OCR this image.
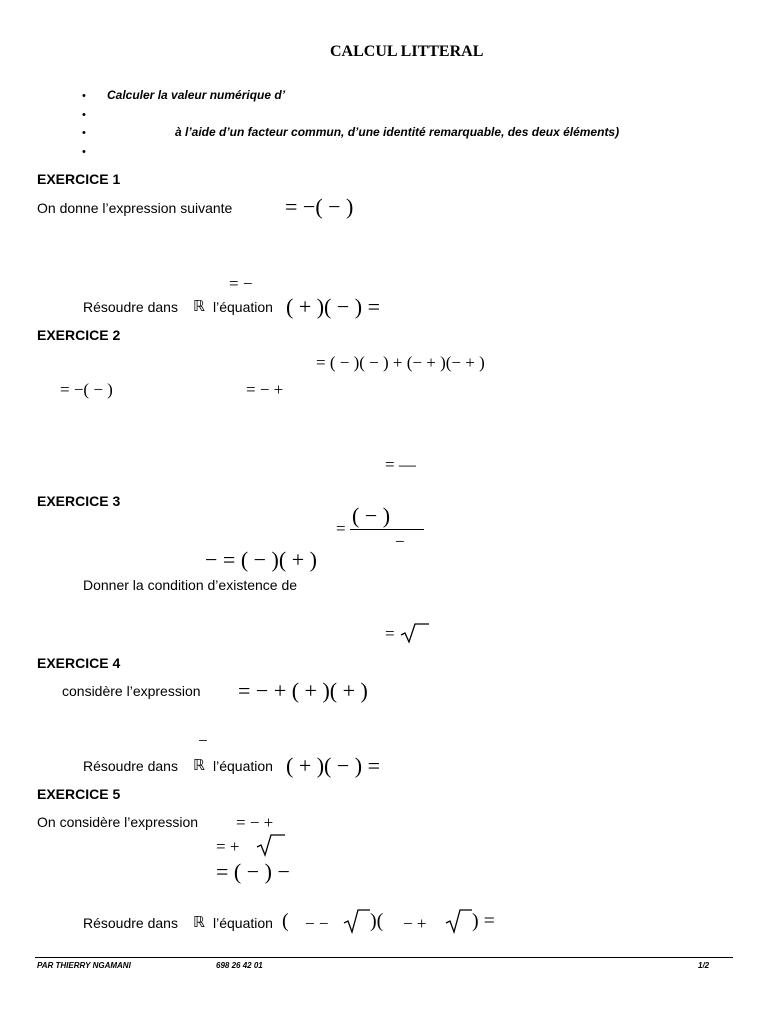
CALCUL LITTERAL
• Calculer la valeur numérique d’
•
•	à l’aide d’un facteur commun, d’une identité remarquable, des deux éléments)
•
EXERCICE 1
On donne l’expression suivante = −( − )
= −
Résoudre dans ℝ l’équation ( + )( − ) =
EXERCICE 2
= ( − )( − ) + (− + )(− + )
= −( − )	= − +
= —
EXERCICE 3
=
( − )
−
− = ( − )( + )
Donner la condition d’existence de
=
EXERCICE 4
considère l’expression = − + ( + )( + )
−
Résoudre dans ℝ l’équation ( + )( − ) =
EXERCICE 5
On considère l’expression = − +
= +
= ( − ) −
Résoudre dans ℝ l’équation ( − − )( − + ) =
PAR THIERRY NGAMANI	698 26 42 01	1/2
